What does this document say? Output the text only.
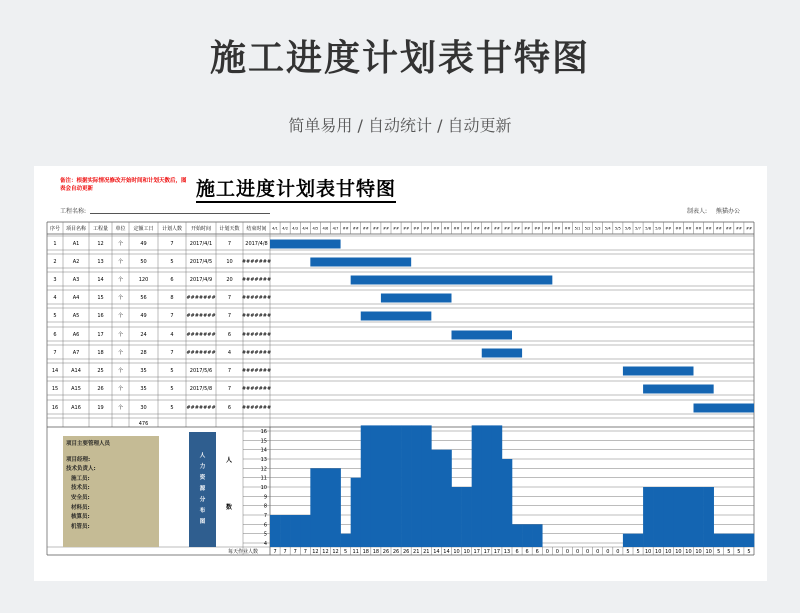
施工进度计划表甘特图
简单易用 / 自动统计 / 自动更新
备注：根据实际情况修改开始时间和计划天数后，图表会自动更新	施工进度计划表甘特图
工程名称:	制表人: 熊猫办公
序号 项目名称 工程量 单位 定额工日 计划人数 开始时间 计划天数 结束时间 4/1 4/2 4/3 4/4 4/5 4/6 4/7 ## ## ## ## ## ## ## ## ## ## ## ## ## ## ## ## ## ## ## ## ## ## ## 5/1 5/2 5/3 5/4 5/5 5/6 5/7 5/8 5/9 ## ## ## ## ## ## ## ## ##
1	A1	12	个	49	7	2017/4/1	7	2017/4/8
2	A2	13	个	50	5	2017/4/5	10 #######
3	A3	14	个	120	6	2017/4/9	20 #######
4	A4	15	个	56	8	####### 7 #######
5	A5	16	个	49	7	####### 7 #######
6	A6	17	个	24	4	####### 6 #######
7	A7	18	个	28	7	####### 4 #######
14	A14	25	个	35	5	2017/5/6	7 #######
15	A15	26	个	35	5	2017/5/8	7 #######
16	A16	19	个	30	5	####### 6 #######
476
16
15
14
13
12
11
10
9
8
7
6
5
4
7 7 7 7 12 12 12 5 11 18 18 26 26 26 21 21 14 14 10 10 17 17 17 13 6 6 6 0 0 0 0 0 0 0 0 5 5 10 10 10 10 10 10 10 5 5 5 5
每天作业人数
项目主要管理人员
项目经理:
技术负责人:
施工员:
技术员:
安全员:
材料员:
核算员:
机管员:
人
力
资
源
分
布
图
人
数
